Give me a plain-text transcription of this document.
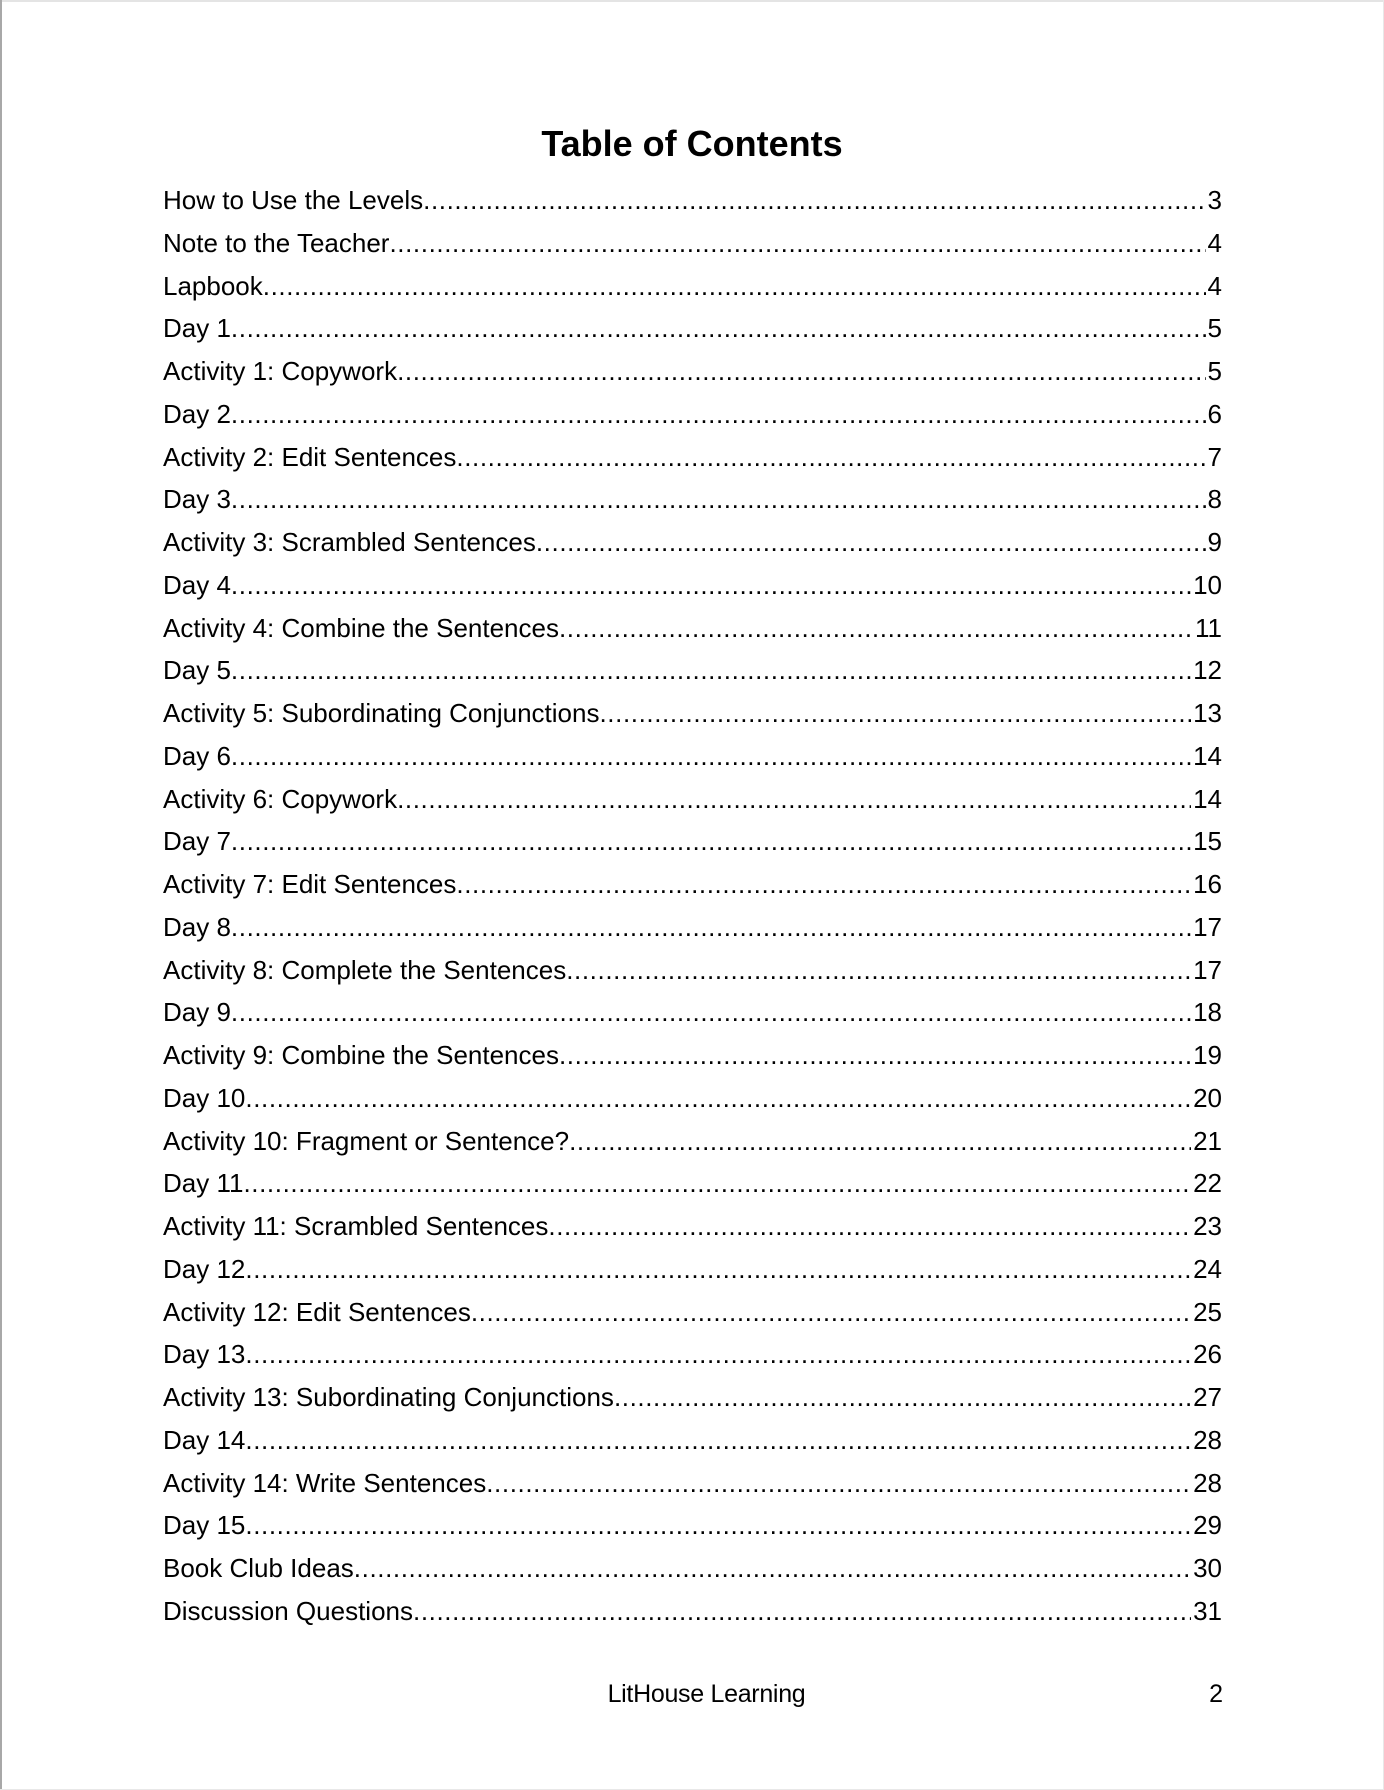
Table of Contents
How to Use the Levels .....	3
Note to the Teacher .....	4
Lapbook .....	4
Day 1 .....	5
Activity 1: Copywork .....	5
Day 2 .....	6
Activity 2: Edit Sentences .....	7
Day 3 .....	8
Activity 3: Scrambled Sentences .....	9
Day 4 .....	10
Activity 4: Combine the Sentences .....	11
Day 5 .....	12
Activity 5: Subordinating Conjunctions .....	13
Day 6 .....	14
Activity 6: Copywork .....	14
Day 7 .....	15
Activity 7: Edit Sentences .....	16
Day 8 .....	17
Activity 8: Complete the Sentences .....	17
Day 9 .....	18
Activity 9: Combine the Sentences .....	19
Day 10 .....	20
Activity 10: Fragment or Sentence? .....	21
Day 11 .....	22
Activity 11: Scrambled Sentences .....	23
Day 12 .....	24
Activity 12: Edit Sentences .....	25
Day 13 .....	26
Activity 13: Subordinating Conjunctions .....	27
Day 14 .....	28
Activity 14: Write Sentences .....	28
Day 15 .....	29
Book Club Ideas .....	30
Discussion Questions .....	31
LitHouse Learning	2
